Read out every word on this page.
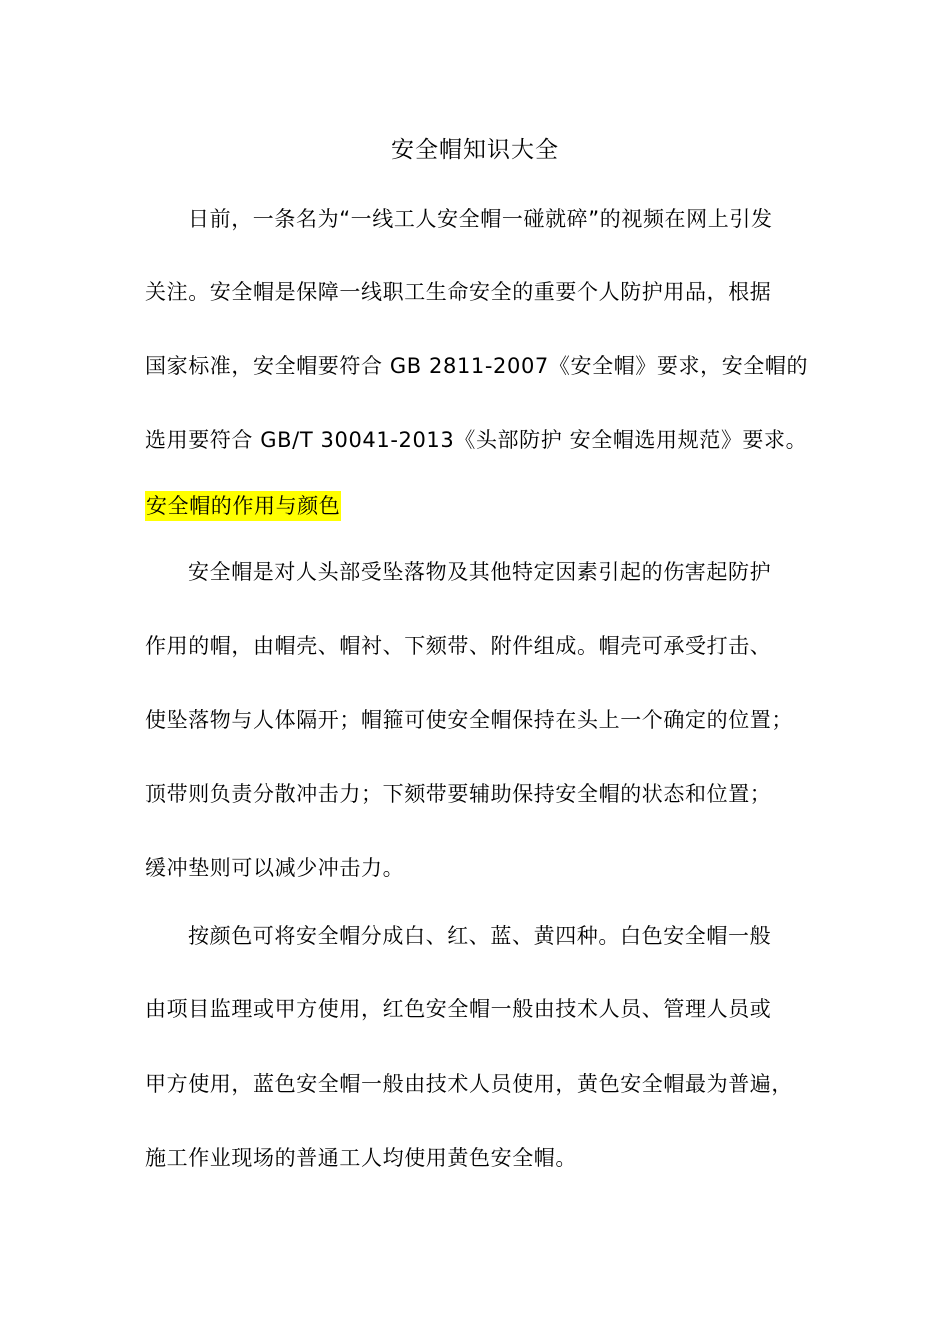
安全帽知识大全
日前，一条名为“一线工人安全帽一碰就碎”的视频在网上引发
关注。安全帽是保障一线职工生命安全的重要个人防护用品，根据
国家标准，安全帽要符合 GB 2811-2007《安全帽》要求，安全帽的
选用要符合 GB/T 30041-2013《头部防护 安全帽选用规范》要求。
安全帽的作用与颜色
安全帽是对人头部受坠落物及其他特定因素引起的伤害起防护
作用的帽，由帽壳、帽衬、下颏带、附件组成。帽壳可承受打击、
使坠落物与人体隔开；帽箍可使安全帽保持在头上一个确定的位置；
顶带则负责分散冲击力；下颏带要辅助保持安全帽的状态和位置；
缓冲垫则可以减少冲击力。
按颜色可将安全帽分成白、红、蓝、黄四种。白色安全帽一般
由项目监理或甲方使用，红色安全帽一般由技术人员、管理人员或
甲方使用，蓝色安全帽一般由技术人员使用，黄色安全帽最为普遍，
施工作业现场的普通工人均使用黄色安全帽。
